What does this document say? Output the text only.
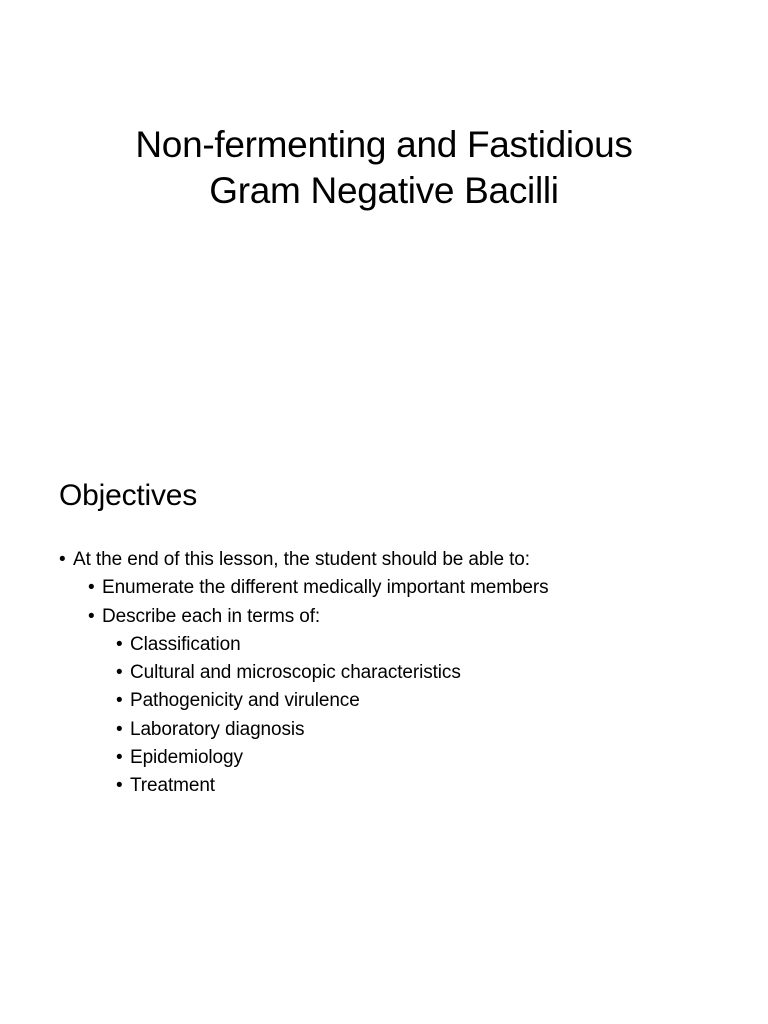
Non-fermenting and Fastidious
Gram Negative Bacilli
Objectives
• At the end of this lesson, the student should be able to:
• Enumerate the different medically important members
• Describe each in terms of:
• Classification
• Cultural and microscopic characteristics
• Pathogenicity and virulence
• Laboratory diagnosis
• Epidemiology
• Treatment
